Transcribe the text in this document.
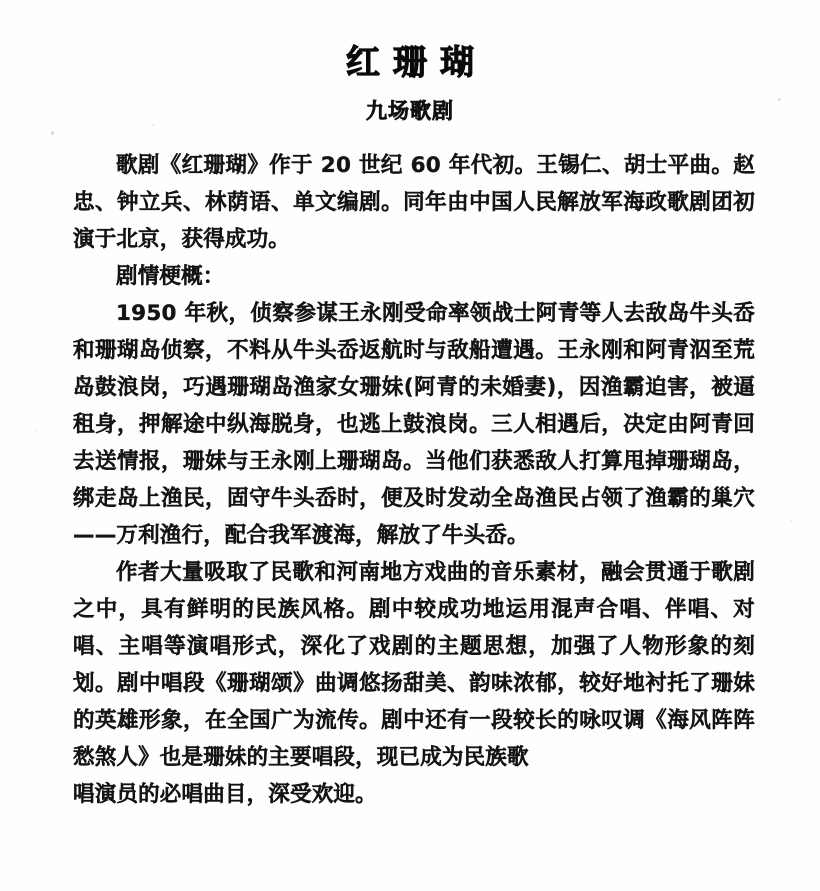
红珊瑚
九场歌剧

歌剧《红珊瑚》作于 20 世纪 60 年代初。王锡仁、胡士平曲。赵忠、钟立兵、林荫语、单文编剧。同年由中国人民解放军海政歌剧团初演于北京，获得成功。

剧情梗概：

1950 年秋，侦察参谋王永刚受命率领战士阿青等人去敌岛牛头岙和珊瑚岛侦察，不料从牛头岙返航时与敌船遭遇。王永刚和阿青泅至荒岛鼓浪岗，巧遇珊瑚岛渔家女珊妹(阿青的未婚妻)，因渔霸迫害，被逼租身，押解途中纵海脱身，也逃上鼓浪岗。三人相遇后，决定由阿青回去送情报，珊妹与王永刚上珊瑚岛。当他们获悉敌人打算甩掉珊瑚岛，绑走岛上渔民，固守牛头岙时，便及时发动全岛渔民占领了渔霸的巢穴——万利渔行，配合我军渡海，解放了牛头岙。

作者大量吸取了民歌和河南地方戏曲的音乐素材，融会贯通于歌剧之中，具有鲜明的民族风格。剧中较成功地运用混声合唱、伴唱、对唱、主唱等演唱形式，深化了戏剧的主题思想，加强了人物形象的刻划。剧中唱段《珊瑚颂》曲调悠扬甜美、韵味浓郁，较好地衬托了珊妹的英雄形象，在全国广为流传。剧中还有一段较长的咏叹调《海风阵阵愁煞人》也是珊妹的主要唱段，现已成为民族歌

唱演员的必唱曲目，深受欢迎。
